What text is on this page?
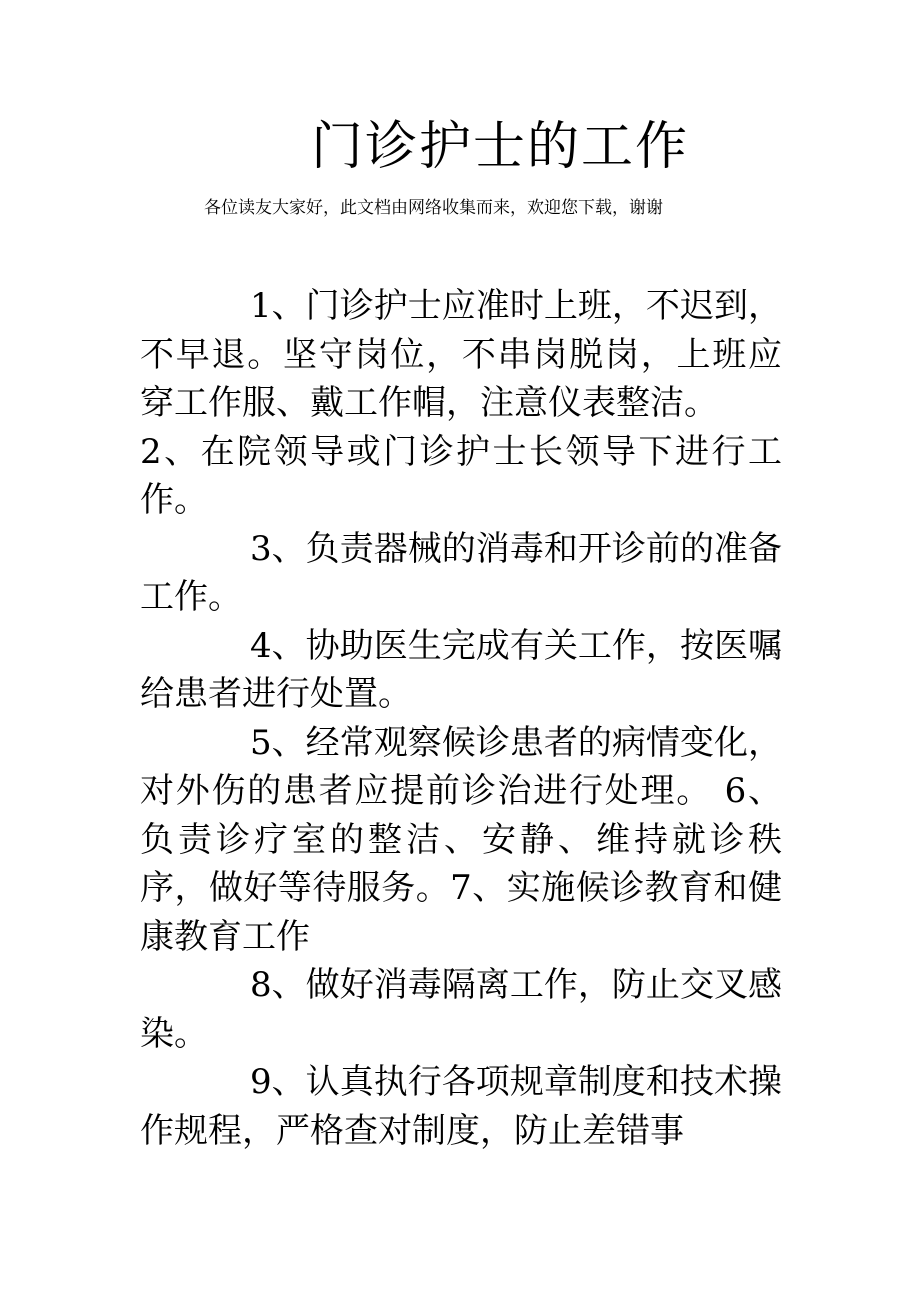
门诊护士的工作
各位读友大家好，此文档由网络收集而来，欢迎您下载，谢谢

1、门诊护士应准时上班，不迟到，不早退。坚守岗位，不串岗脱岗，上班应穿工作服、戴工作帽，注意仪表整洁。

2、在院领导或门诊护士长领导下进行工作。

3、负责器械的消毒和开诊前的准备工作。

4、协助医生完成有关工作，按医嘱给患者进行处置。

5、经常观察候诊患者的病情变化，对外伤的患者应提前诊治进行处理。 6、负责诊疗室的整洁、安静、维持就诊秩序，做好等待服务。7、实施候诊教育和健康教育工作

8、做好消毒隔离工作，防止交叉感染。

9、认真执行各项规章制度和技术操作规程，严格查对制度，防止差错事
